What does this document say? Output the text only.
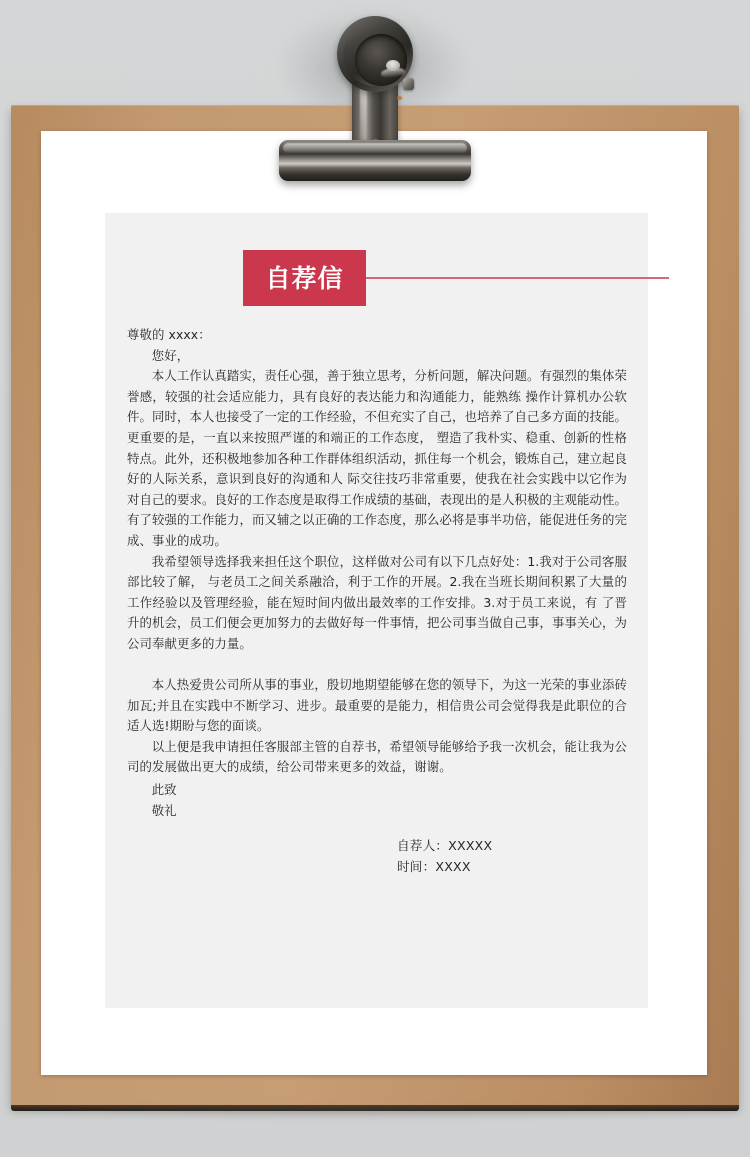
自荐信

尊敬的 xxxx：

您好，

本人工作认真踏实，责任心强，善于独立思考，分析问题，解决问题。有强烈的集体荣誉感，较强的社会适应能力，具有良好的表达能力和沟通能力，能熟练 操作计算机办公软件。同时，本人也接受了一定的工作经验，不但充实了自己，也培养了自己多方面的技能。更重要的是，一直以来按照严谨的和端正的工作态度， 塑造了我朴实、稳重、创新的性格特点。此外，还积极地参加各种工作群体组织活动，抓住每一个机会，锻炼自己，建立起良好的人际关系，意识到良好的沟通和人 际交往技巧非常重要，使我在社会实践中以它作为对自己的要求。良好的工作态度是取得工作成绩的基础，表现出的是人积极的主观能动性。 有了较强的工作能力，而又辅之以正确的工作态度，那么必将是事半功倍，能促进任务的完成、事业的成功。

我希望领导选择我来担任这个职位，这样做对公司有以下几点好处：1.我对于公司客服部比较了解， 与老员工之间关系融洽，利于工作的开展。2.我在当班长期间积累了大量的工作经验以及管理经验，能在短时间内做出最效率的工作安排。3.对于员工来说，有 了晋升的机会，员工们便会更加努力的去做好每一件事情，把公司事当做自己事，事事关心，为公司奉献更多的力量。

本人热爱贵公司所从事的事业，殷切地期望能够在您的领导下，为这一光荣的事业添砖加瓦;并且在实践中不断学习、进步。最重要的是能力，相信贵公司会觉得我是此职位的合适人选!期盼与您的面谈。

以上便是我申请担任客服部主管的自荐书，希望领导能够给予我一次机会，能让我为公司的发展做出更大的成绩，给公司带来更多的效益，谢谢。

此致
敬礼
自荐人：XXXXX
时间：XXXX
